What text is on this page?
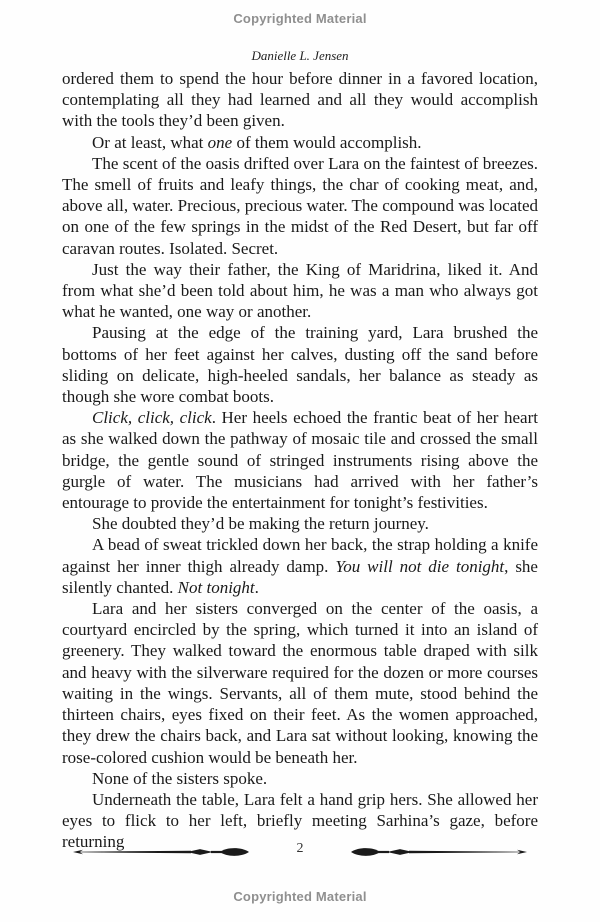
Copyrighted Material
Danielle L. Jensen

ordered them to spend the hour before dinner in a favored location, contemplating all they had learned and all they would accomplish with the tools they’d been given.

Or at least, what one of them would accomplish.

The scent of the oasis drifted over Lara on the faintest of breezes. The smell of fruits and leafy things, the char of cooking meat, and, above all, water. Precious, precious water. The compound was located on one of the few springs in the midst of the Red Desert, but far off caravan routes. Isolated. Secret.

Just the way their father, the King of Maridrina, liked it. And from what she’d been told about him, he was a man who always got what he wanted, one way or another.

Pausing at the edge of the training yard, Lara brushed the bottoms of her feet against her calves, dusting off the sand before sliding on delicate, high-heeled sandals, her balance as steady as though she wore combat boots.

Click, click, click. Her heels echoed the frantic beat of her heart as she walked down the pathway of mosaic tile and crossed the small bridge, the gentle sound of stringed instruments rising above the gurgle of water. The musicians had arrived with her father’s entourage to provide the entertainment for tonight’s festivities.

She doubted they’d be making the return journey.

A bead of sweat trickled down her back, the strap holding a knife against her inner thigh already damp. You will not die tonight, she silently chanted. Not tonight.

Lara and her sisters converged on the center of the oasis, a courtyard encircled by the spring, which turned it into an island of greenery. They walked toward the enormous table draped with silk and heavy with the silverware required for the dozen or more courses waiting in the wings. Servants, all of them mute, stood behind the thirteen chairs, eyes fixed on their feet. As the women approached, they drew the chairs back, and Lara sat without looking, knowing the rose-colored cushion would be beneath her.

None of the sisters spoke.

Underneath the table, Lara felt a hand grip hers. She allowed her eyes to flick to her left, briefly meeting Sarhina’s gaze, before returning	2
Copyrighted Material
